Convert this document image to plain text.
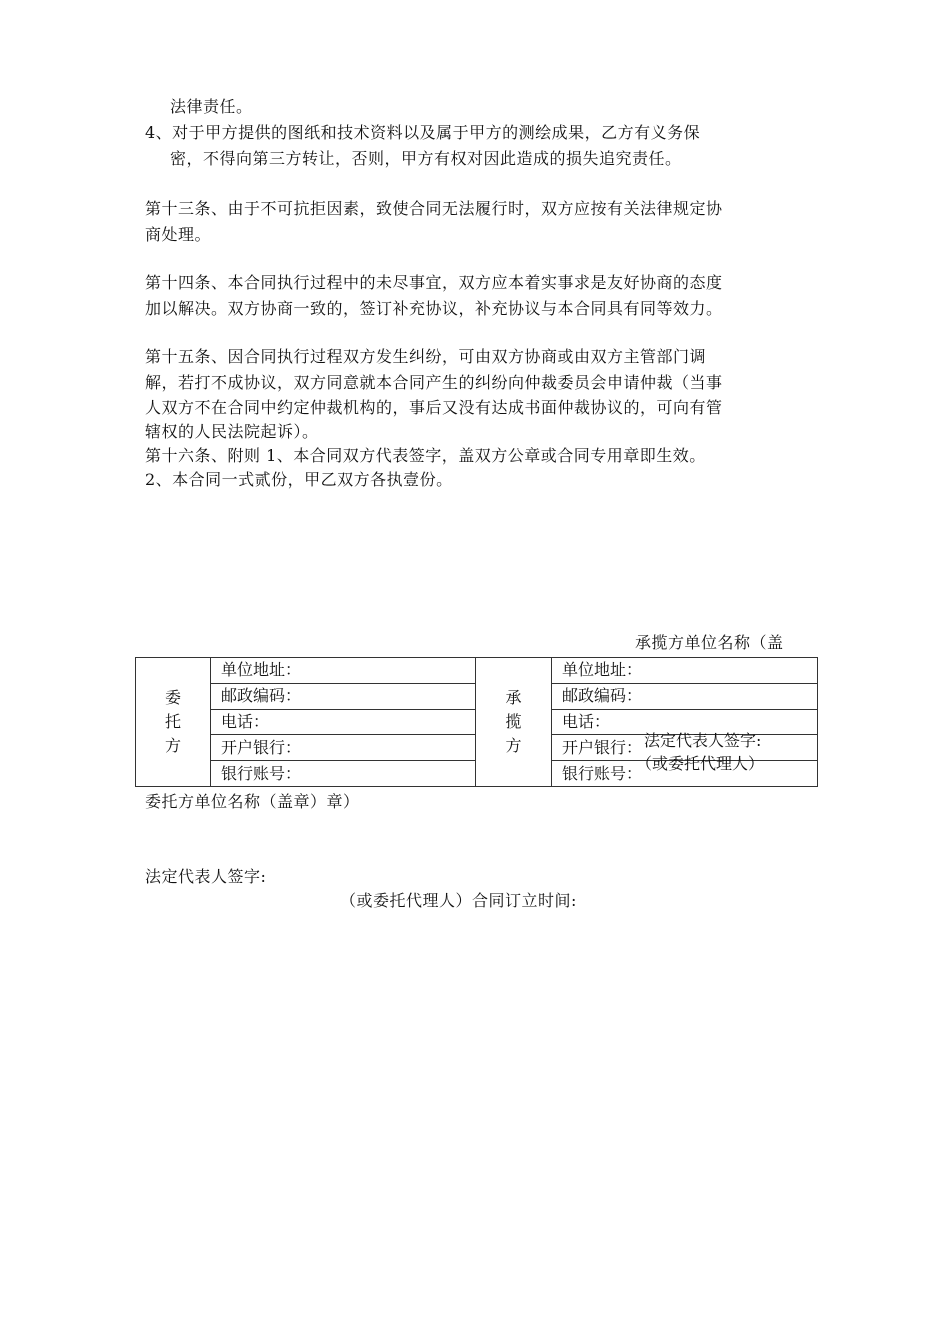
法律责任。
4、对于甲方提供的图纸和技术资料以及属于甲方的测绘成果，乙方有义务保
密，不得向第三方转让，否则，甲方有权对因此造成的损失追究责任。
第十三条、由于不可抗拒因素，致使合同无法履行时，双方应按有关法律规定协
商处理。
第十四条、本合同执行过程中的未尽事宜，双方应本着实事求是友好协商的态度
加以解决。双方协商一致的，签订补充协议，补充协议与本合同具有同等效力。
第十五条、因合同执行过程双方发生纠纷，可由双方协商或由双方主管部门调
解，若打不成协议，双方同意就本合同产生的纠纷向仲裁委员会申请仲裁（当事
人双方不在合同中约定仲裁机构的，事后又没有达成书面仲裁协议的，可向有管
辖权的人民法院起诉）。
第十六条、附则 1、本合同双方代表签字，盖双方公章或合同专用章即生效。
2、本合同一式贰份，甲乙双方各执壹份。
承揽方单位名称（盖
委托方	单位地址：	承揽方	单位地址：
	邮政编码：		邮政编码：
	电话：		电话：
	开户银行：		开户银行：
	银行账号：		银行账号：
法定代表人签字:
（或委托代理人）
委托方单位名称（盖章）章）
法定代表人签字:
（或委托代理人）合同订立时间:
